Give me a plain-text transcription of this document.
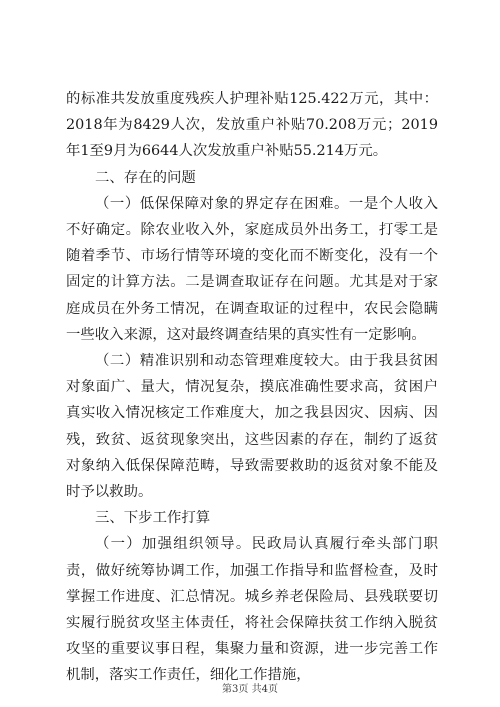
的标准共发放重度残疾人护理补贴125.422万元，其中：2018年为8429人次，发放重户补贴70.208万元；2019年1至9月为6644人次发放重户补贴55.214万元。

二、存在的问题

（一）低保保障对象的界定存在困难。一是个人收入不好确定。除农业收入外，家庭成员外出务工，打零工是随着季节、市场行情等环境的变化而不断变化，没有一个固定的计算方法。二是调查取证存在问题。尤其是对于家庭成员在外务工情况，在调查取证的过程中，农民会隐瞒一些收入来源，这对最终调查结果的真实性有一定影响。

（二）精准识别和动态管理难度较大。由于我县贫困对象面广、量大，情况复杂，摸底准确性要求高，贫困户真实收入情况核定工作难度大，加之我县因灾、因病、因残，致贫、返贫现象突出，这些因素的存在，制约了返贫对象纳入低保保障范畴，导致需要救助的返贫对象不能及时予以救助。

三、下步工作打算

（一）加强组织领导。民政局认真履行牵头部门职责，做好统筹协调工作，加强工作指导和监督检查，及时掌握工作进度、汇总情况。城乡养老保险局、县残联要切实履行脱贫攻坚主体责任，将社会保障扶贫工作纳入脱贫攻坚的重要议事日程，集聚力量和资源，进一步完善工作机制，落实工作责任，细化工作措施，

第3页 共4页
